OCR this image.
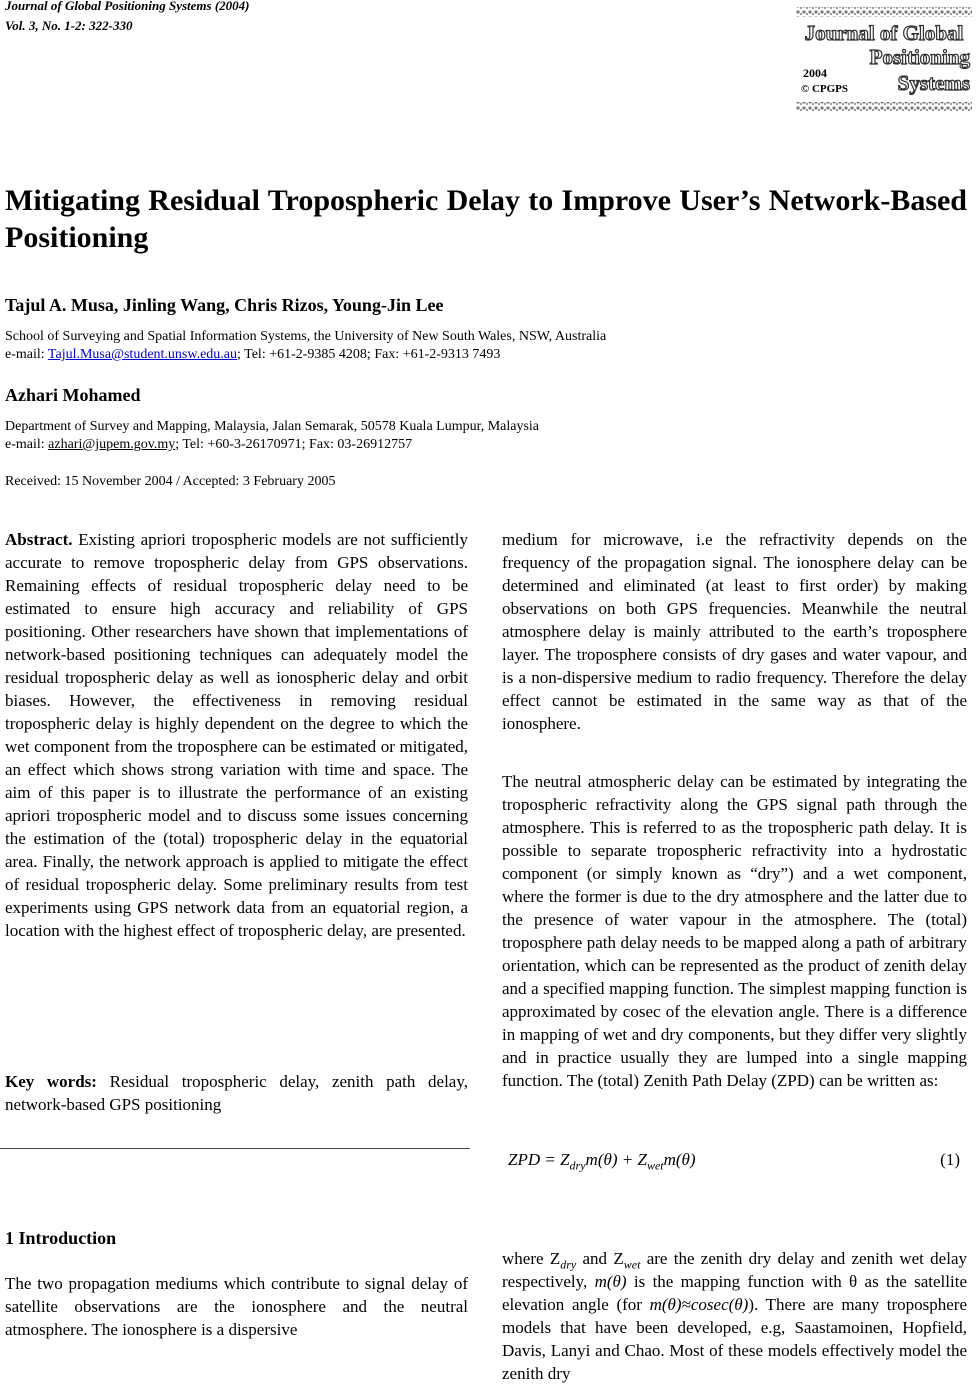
Journal of Global Positioning Systems (2004)
Vol. 3, No. 1-2: 322-330	Journal of Global
Positioning
Systems
2004
© CPGPS
Mitigating Residual Tropospheric Delay to Improve User’s Network-Based Positioning
Tajul A. Musa, Jinling Wang, Chris Rizos, Young-Jin Lee
School of Surveying and Spatial Information Systems, the University of New South Wales, NSW, Australia
e-mail: Tajul.Musa@student.unsw.edu.au; Tel: +61-2-9385 4208; Fax: +61-2-9313 7493
Azhari Mohamed
Department of Survey and Mapping, Malaysia, Jalan Semarak, 50578 Kuala Lumpur, Malaysia
e-mail: azhari@jupem.gov.my; Tel: +60-3-26170971; Fax: 03-26912757
Received: 15 November 2004 / Accepted: 3 February 2005

Abstract. Existing apriori tropospheric models are not sufficiently accurate to remove tropospheric delay from GPS observations. Remaining effects of residual tropospheric delay need to be estimated to ensure high accuracy and reliability of GPS positioning. Other researchers have shown that implementations of network-based positioning techniques can adequately model the residual tropospheric delay as well as ionospheric delay and orbit biases. However, the effectiveness in removing residual tropospheric delay is highly dependent on the degree to which the wet component from the troposphere can be estimated or mitigated, an effect which shows strong variation with time and space. The aim of this paper is to illustrate the performance of an existing apriori tropospheric model and to discuss some issues concerning the estimation of the (total) tropospheric delay in the equatorial area. Finally, the network approach is applied to mitigate the effect of residual tropospheric delay. Some preliminary results from test experiments using GPS network data from an equatorial region, a location with the highest effect of tropospheric delay, are presented.

Key words: Residual tropospheric delay, zenith path delay, network-based GPS positioning

1 Introduction

The two propagation mediums which contribute to signal delay of satellite observations are the ionosphere and the neutral atmosphere. The ionosphere is a dispersive

medium for microwave, i.e the refractivity depends on the frequency of the propagation signal. The ionosphere delay can be determined and eliminated (at least to first order) by making observations on both GPS frequencies. Meanwhile the neutral atmosphere delay is mainly attributed to the earth’s troposphere layer. The troposphere consists of dry gases and water vapour, and is a non-dispersive medium to radio frequency. Therefore the delay effect cannot be estimated in the same way as that of the ionosphere.

The neutral atmospheric delay can be estimated by integrating the tropospheric refractivity along the GPS signal path through the atmosphere. This is referred to as the tropospheric path delay. It is possible to separate tropospheric refractivity into a hydrostatic component (or simply known as “dry”) and a wet component, where the former is due to the dry atmosphere and the latter due to the presence of water vapour in the atmosphere. The (total) troposphere path delay needs to be mapped along a path of arbitrary orientation, which can be represented as the product of zenith delay and a specified mapping function. The simplest mapping function is approximated by cosec of the elevation angle. There is a difference in mapping of wet and dry components, but they differ very slightly and in practice usually they are lumped into a single mapping function. The (total) Zenith Path Delay (ZPD) can be written as:

ZPD = $Z_{dry}m(\theta) + Z_{wet}m(\theta)$	(1)

where $Z_{dry}$ and $Z_{wet}$ are the zenith dry delay and zenith wet delay respectively, m(θ) is the mapping function with θ as the satellite elevation angle (for m(θ)≈cosec(θ)). There are many troposphere models that have been developed, e.g, Saastamoinen, Hopfield, Davis, Lanyi and Chao. Most of these models effectively model the zenith dry
